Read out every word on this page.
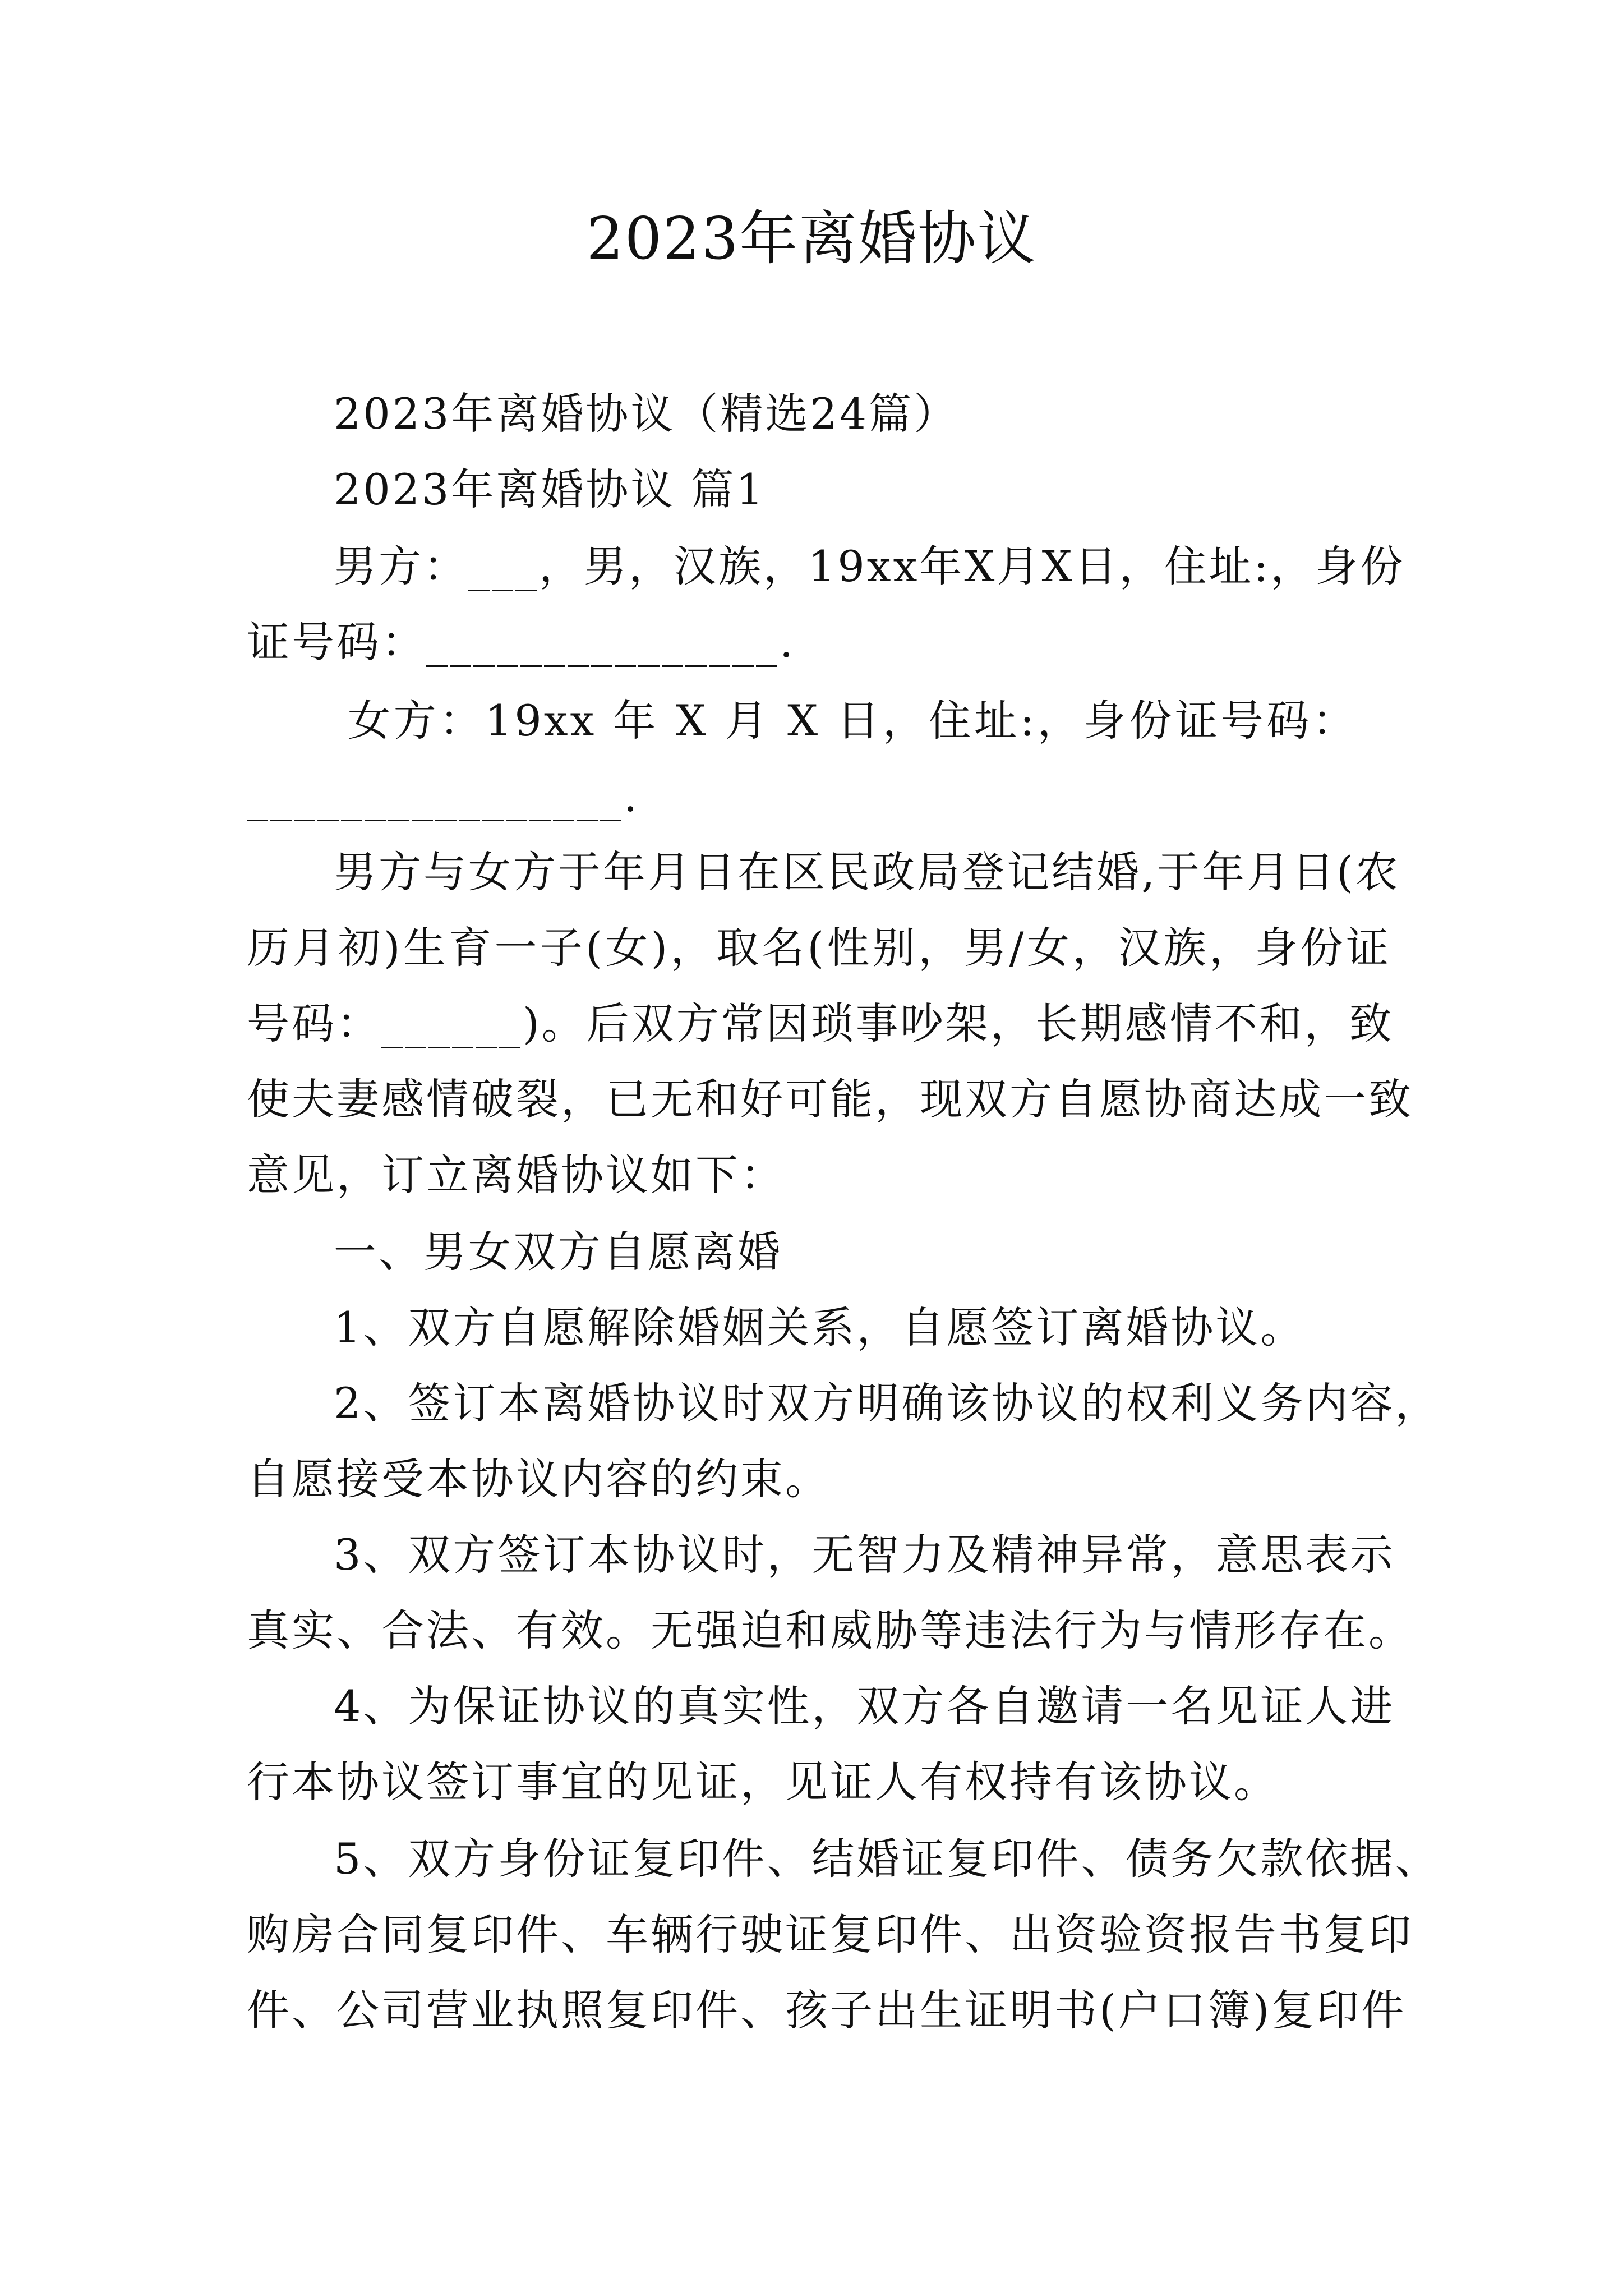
2023年离婚协议
2023年离婚协议（精选24篇）
2023年离婚协议 篇1
男方：___，男，汉族，19xx年X月X日，住址:，身份
证号码：_______________.
女方：19xx 年 X 月 X 日，住址:，身份证号码：
________________.
男方与女方于年月日在区民政局登记结婚,于年月日(农
历月初)生育一子(女)，取名(性别，男/女，汉族，身份证
号码：______)。后双方常因琐事吵架，长期感情不和，致
使夫妻感情破裂，已无和好可能，现双方自愿协商达成一致
意见，订立离婚协议如下：
一、男女双方自愿离婚
1、双方自愿解除婚姻关系，自愿签订离婚协议。
2、签订本离婚协议时双方明确该协议的权利义务内容，
自愿接受本协议内容的约束。
3、双方签订本协议时，无智力及精神异常，意思表示
真实、合法、有效。无强迫和威胁等违法行为与情形存在。
4、为保证协议的真实性，双方各自邀请一名见证人进
行本协议签订事宜的见证，见证人有权持有该协议。
5、双方身份证复印件、结婚证复印件、债务欠款依据、
购房合同复印件、车辆行驶证复印件、出资验资报告书复印
件、公司营业执照复印件、孩子出生证明书(户口簿)复印件
